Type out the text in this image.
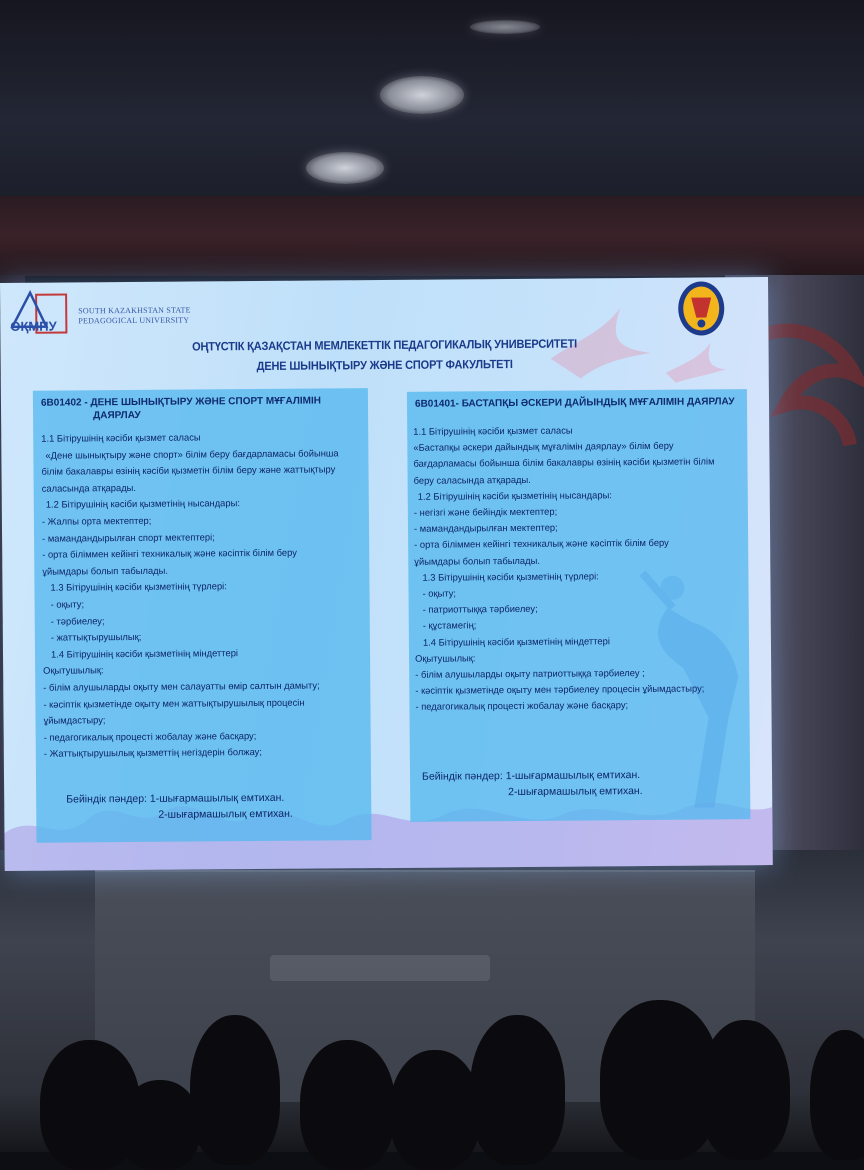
ОҚМПУ
SOUTH KAZAKHSTAN STATE
PEDAGOGICAL UNIVERSITY
ОҢТҮСТІК ҚАЗАҚСТАН МЕМЛЕКЕТТІК ПЕДАГОГИКАЛЫҚ УНИВЕРСИТЕТІ
ДЕНЕ ШЫНЫҚТЫРУ ЖӘНЕ СПОРТ ФАКУЛЬТЕТІ
6В01402 - ДЕНЕ ШЫНЫҚТЫРУ ЖӘНЕ СПОРТ МҰҒАЛІМІН
ДАЯРЛАУ
1.1 Бітірушінің кәсіби қызмет саласы
«Дене шынықтыру және спорт» білім беру бағдарламасы бойынша
білім бакалавры өзінің кәсіби қызметін білім беру және жаттықтыру
саласында атқарады.
1.2 Бітірушінің кәсіби қызметінің нысандары:
- Жалпы орта мектептер;
- мамандандырылған спорт мектептері;
- орта біліммен кейінгі техникалық және кәсіптік білім беру
ұйымдары болып табылады.
1.3 Бітірушінің кәсіби қызметінің түрлері:
- оқыту;
- тәрбиелеу;
- жаттықтырушылық;
1.4 Бітірушінің кәсіби қызметінің міндеттері
Оқытушылық:
- білім алушыларды оқыту мен салауатты өмір салтын дамыту;
- кәсіптік қызметінде оқыту мен жаттықтырушылық процесін
ұйымдастыру;
- педагогикалық процесті жобалау және басқару;
- Жаттықтырушылық қызметтің негіздерін болжау;
Бейіндік пәндер: 1-шығармашылық емтихан.
2-шығармашылық емтихан.
6В01401- БАСТАПҚЫ ӘСКЕРИ ДАЙЫНДЫҚ МҰҒАЛІМІН ДАЯРЛАУ
1.1 Бітірушінің кәсіби қызмет саласы
«Бастапқы әскери дайындық мұғалімін даярлау» білім беру
бағдарламасы бойынша білім бакалавры өзінің кәсіби қызметін білім
беру саласында атқарады.
1.2 Бітірушінің кәсіби қызметінің нысандары:
- негізгі және бейіндік мектептер;
- мамандандырылған мектептер;
- орта біліммен кейінгі техникалық және кәсіптік білім беру
ұйымдары болып табылады.
1.3 Бітірушінің кәсіби қызметінің түрлері:
- оқыту;
- патриоттыққа тәрбиелеу;
- құстамегің;
1.4 Бітірушінің кәсіби қызметінің міндеттері
Оқытушылық:
- білім алушыларды оқыту патриоттыққа тәрбиелеу ;
- кәсіптік қызметінде оқыту мен тәрбиелеу процесін ұйымдастыру;
- педагогикалық процесті жобалау және басқару;
Бейіндік пәндер: 1-шығармашылық емтихан.
2-шығармашылық емтихан.
